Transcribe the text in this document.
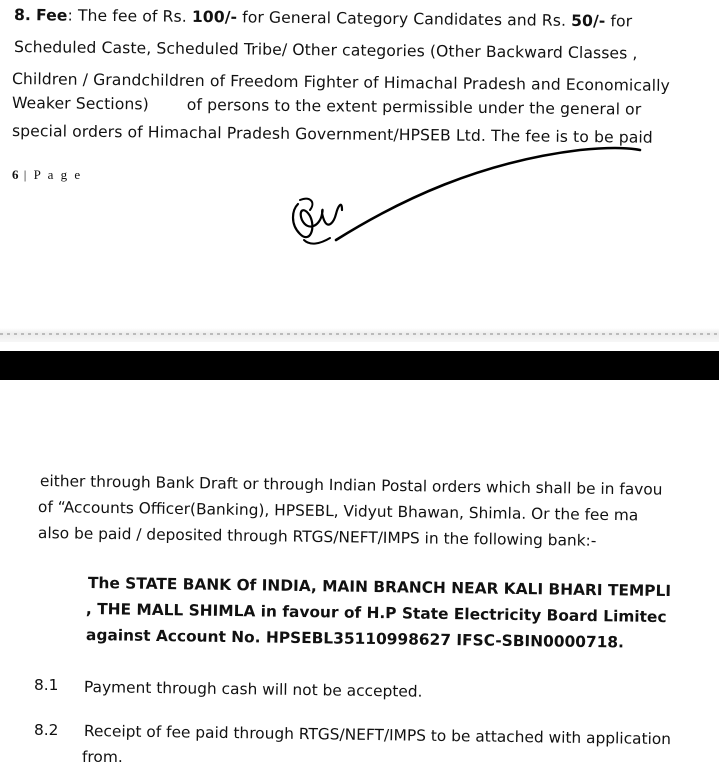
8. Fee: The fee of Rs. 100/- for General Category Candidates and Rs. 50/- for
Scheduled Caste, Scheduled Tribe/ Other categories (Other Backward Classes ,
Children / Grandchildren of Freedom Fighter of Himachal Pradesh and Economically
Weaker Sections) of persons to the extent permissible under the general or
special orders of Himachal Pradesh Government/HPSEB Ltd. The fee is to be paid
6 | P a g e
either through Bank Draft or through Indian Postal orders which shall be in favou
of “Accounts Officer(Banking), HPSEBL, Vidyut Bhawan, Shimla. Or the fee ma
also be paid / deposited through RTGS/NEFT/IMPS in the following bank:-
The STATE BANK Of INDIA, MAIN BRANCH NEAR KALI BHARI TEMPLI
, THE MALL SHIMLA in favour of H.P State Electricity Board Limitec
against Account No. HPSEBL35110998627 IFSC-SBIN0000718.
8.1 Payment through cash will not be accepted.
8.2 Receipt of fee paid through RTGS/NEFT/IMPS to be attached with application
from.
